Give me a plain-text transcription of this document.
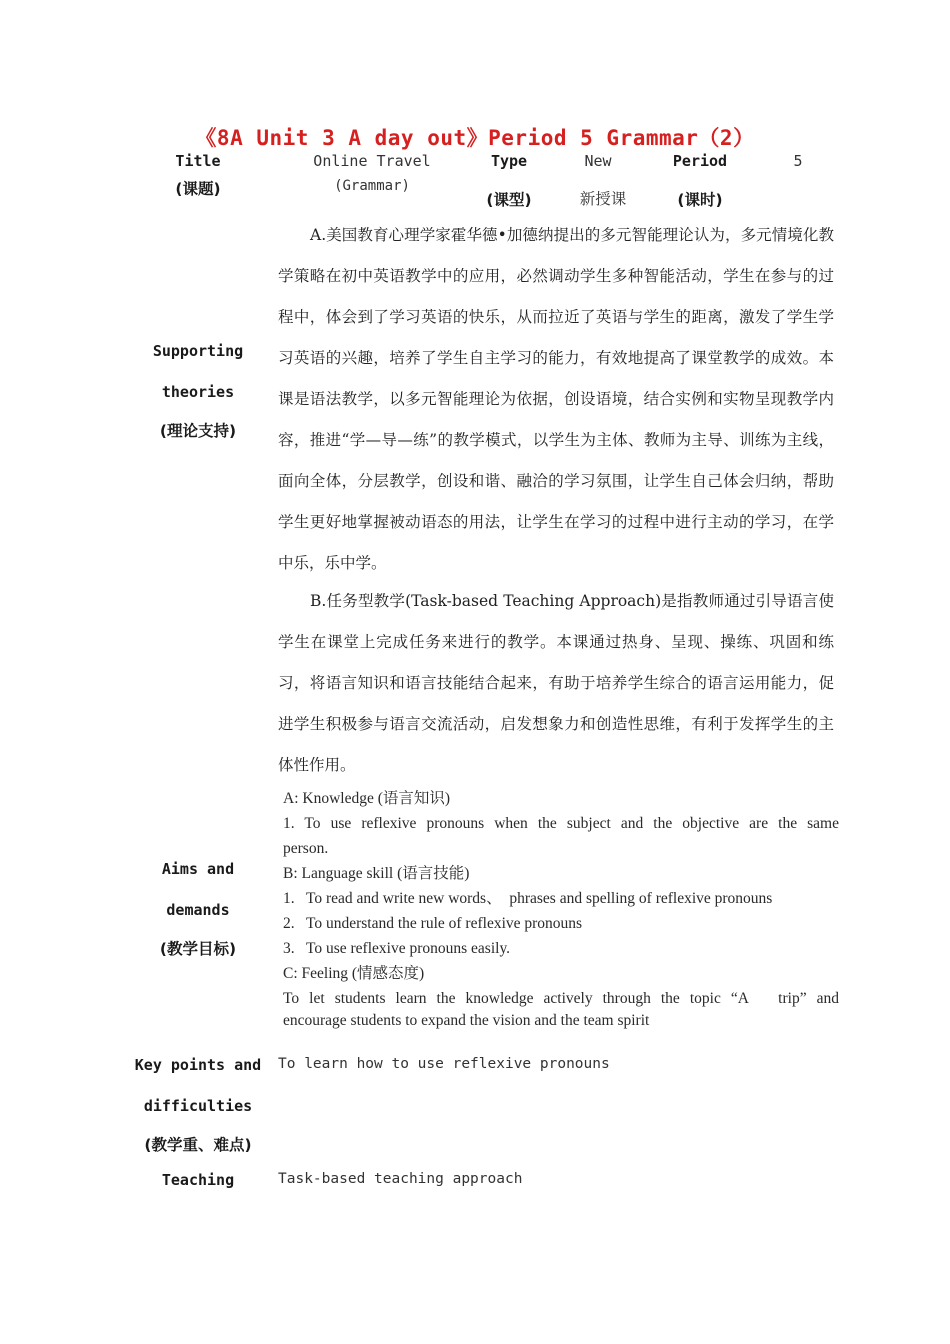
《8A Unit 3 A day out》Period 5 Grammar（2）
Title
(课题)
Online Travel
(Grammar)
Type
(课型)
New
新授课
Period
(课时)
5
Supporting
theories
(理论支持)
A.美国教育心理学家霍华德•加德纳提出的多元智能理论认为，多元情境化教学策略在初中英语教学中的应用，必然调动学生多种智能活动，学生在参与的过程中，体会到了学习英语的快乐，从而拉近了英语与学生的距离，激发了学生学习英语的兴趣，培养了学生自主学习的能力，有效地提高了课堂教学的成效。本课是语法教学，以多元智能理论为依据，创设语境，结合实例和实物呈现教学内容，推进“学—导—练”的教学模式，以学生为主体、教师为主导、训练为主线，面向全体，分层教学，创设和谐、融洽的学习氛围，让学生自己体会归纳，帮助学生更好地掌握被动语态的用法，让学生在学习的过程中进行主动的学习，在学中乐，乐中学。
B.任务型教学(Task-based Teaching Approach)是指教师通过引导语言使学生在课堂上完成任务来进行的教学。本课通过热身、呈现、操练、巩固和练习，将语言知识和语言技能结合起来，有助于培养学生综合的语言运用能力，促进学生积极参与语言交流活动，启发想象力和创造性思维，有利于发挥学生的主体性作用。
Aims and
demands
(教学目标)
A: Knowledge (语言知识)
1. To use reflexive pronouns when the subject and the objective are the same
person.
B: Language skill (语言技能)
1.   To read and write new words、  phrases and spelling of reflexive pronouns
2.   To understand the rule of reflexive pronouns
3.   To use reflexive pronouns easily.
C: Feeling (情感态度)
To let students learn the knowledge actively through the topic “A   trip” and
encourage students to expand the vision and the team spirit
Key points and
difficulties
(教学重、难点)
To learn how to use reflexive pronouns
Teaching	Task-based teaching approach
